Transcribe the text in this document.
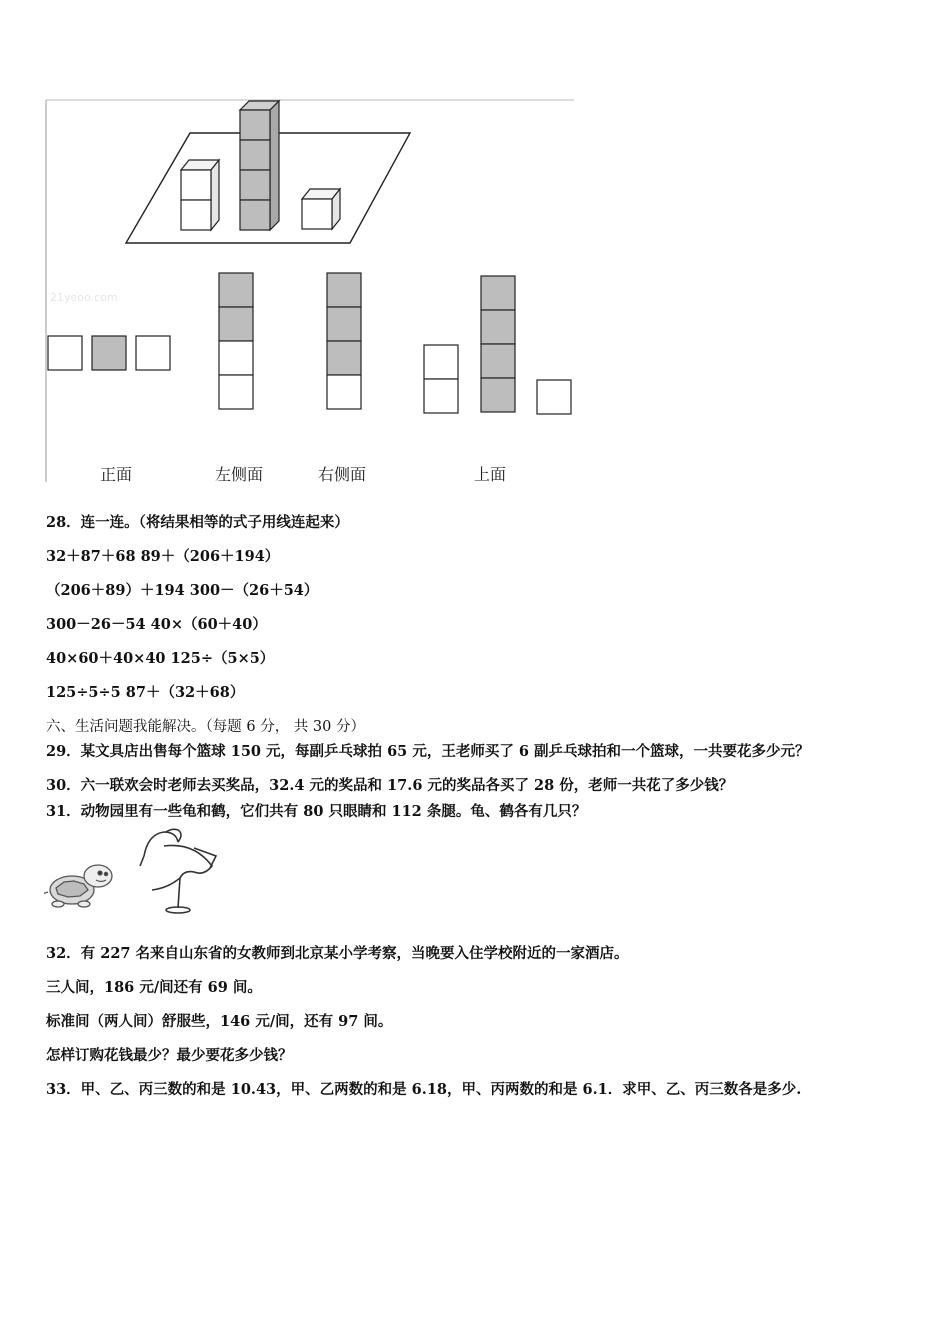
21yeoo.com
正面	左侧面	右侧面	上面
28．连一连。（将结果相等的式子用线连起来）
32＋87＋68 89＋（206＋194）
（206＋89）＋194 300－（26＋54）
300－26－54 40×（60＋40）
40×60＋40×40 125÷（5×5）
125÷5÷5 87＋（32＋68）
六、生活问题我能解决。（每题 6 分， 共 30 分）
29．某文具店出售每个篮球 150 元，每副乒乓球拍 65 元，王老师买了 6 副乒乓球拍和一个篮球，一共要花多少元？
30．六一联欢会时老师去买奖品，32.4 元的奖品和 17.6 元的奖品各买了 28 份，老师一共花了多少钱？
31．动物园里有一些龟和鹤，它们共有 80 只眼睛和 112 条腿。龟、鹤各有几只？
32．有 227 名来自山东省的女教师到北京某小学考察，当晚要入住学校附近的一家酒店。
三人间，186 元/间还有 69 间。
标准间（两人间）舒服些，146 元/间，还有 97 间。
怎样订购花钱最少？最少要花多少钱？
33．甲、乙、丙三数的和是 10.43，甲、乙两数的和是 6.18，甲、丙两数的和是 6.1．求甲、乙、丙三数各是多少.
